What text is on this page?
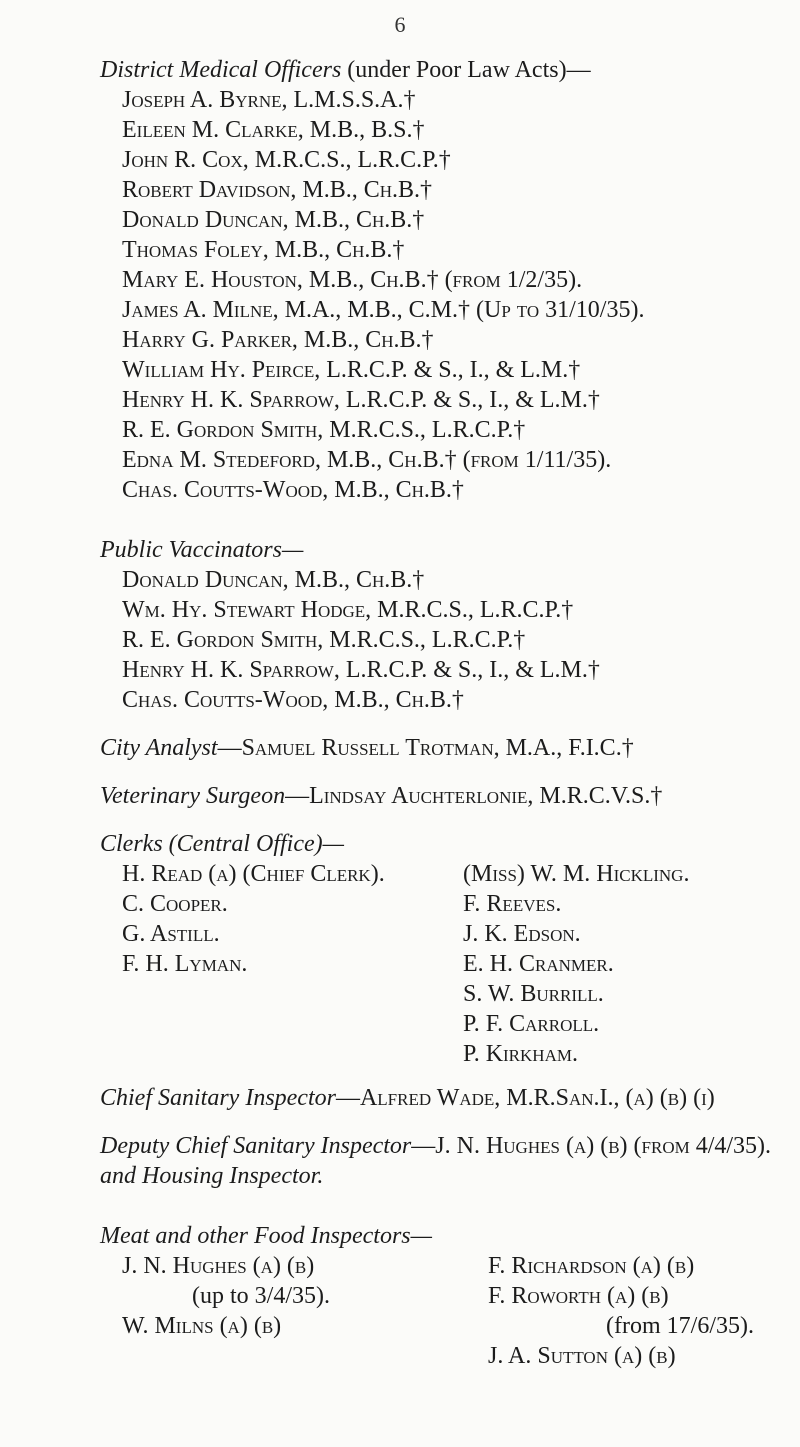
6
District Medical Officers (under Poor Law Acts)—
Joseph A. Byrne, L.M.S.S.A.†
Eileen M. Clarke, M.B., B.S.†
John R. Cox, M.R.C.S., L.R.C.P.†
Robert Davidson, M.B., Ch.B.†
Donald Duncan, M.B., Ch.B.†
Thomas Foley, M.B., Ch.B.†
Mary E. Houston, M.B., Ch.B.† (from 1/2/35).
James A. Milne, M.A., M.B., C.M.† (Up to 31/10/35).
Harry G. Parker, M.B., Ch.B.†
William Hy. Peirce, L.R.C.P. & S., I., & L.M.†
Henry H. K. Sparrow, L.R.C.P. & S., I., & L.M.†
R. E. Gordon Smith, M.R.C.S., L.R.C.P.†
Edna M. Stedeford, M.B., Ch.B.† (from 1/11/35).
Chas. Coutts-Wood, M.B., Ch.B.†
Public Vaccinators—
Donald Duncan, M.B., Ch.B.†
Wm. Hy. Stewart Hodge, M.R.C.S., L.R.C.P.†
R. E. Gordon Smith, M.R.C.S., L.R.C.P.†
Henry H. K. Sparrow, L.R.C.P. & S., I., & L.M.†
Chas. Coutts-Wood, M.B., Ch.B.†
City Analyst—Samuel Russell Trotman, M.A., F.I.C.†
Veterinary Surgeon—Lindsay Auchterlonie, M.R.C.V.S.†
Clerks (Central Office)—
H. Read (a) (Chief Clerk).
C. Cooper.
G. Astill.
F. H. Lyman.
(Miss) W. M. Hickling.
F. Reeves.
J. K. Edson.
E. H. Cranmer.
S. W. Burrill.
P. F. Carroll.
P. Kirkham.
Chief Sanitary Inspector—Alfred Wade, M.R.San.I., (a) (b) (i)
Deputy Chief Sanitary Inspector—J. N. Hughes (a) (b) (from 4/4/35).
and Housing Inspector.
Meat and other Food Inspectors—
J. N. Hughes (a) (b)
(up to 3/4/35).
W. Milns (a) (b)
F. Richardson (a) (b)
F. Roworth (a) (b)
(from 17/6/35).
J. A. Sutton (a) (b)
